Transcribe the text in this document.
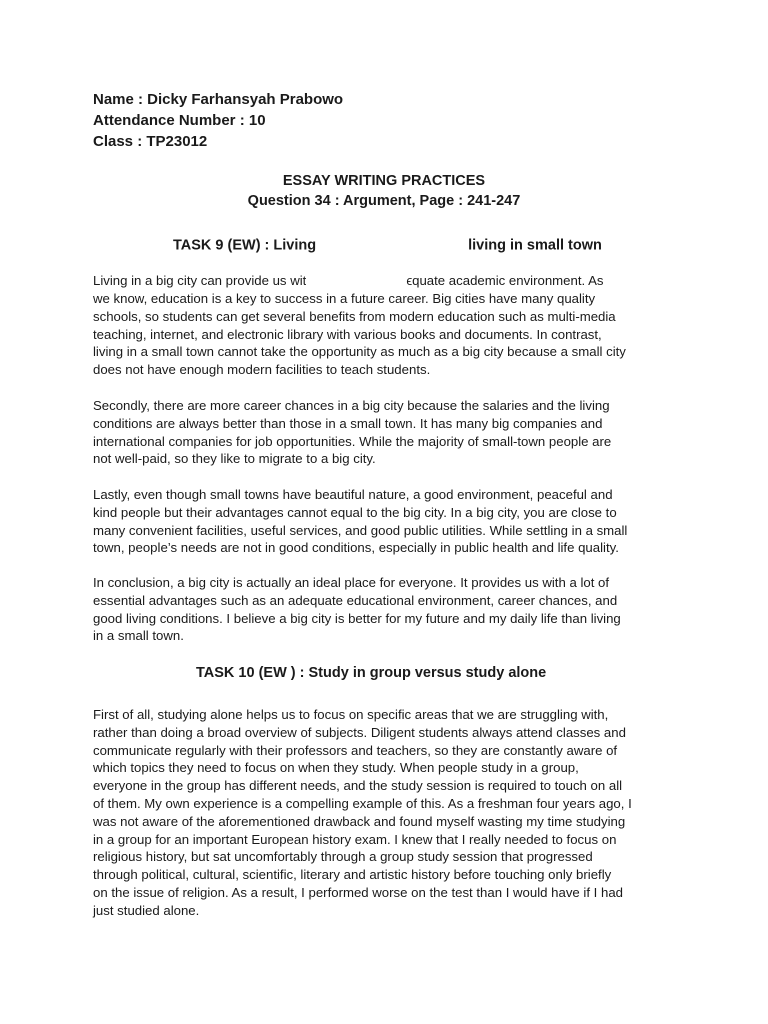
Name : Dicky Farhansyah Prabowo
Attendance Number : 10
Class : TP23012
ESSAY WRITING PRACTICES
Question 34 : Argument, Page : 241-247
TASK 9 (EW) : Living	living in small town
Living in a big city can provide us wit	ϵquate academic environment. As
we know, education is a key to success in a future career. Big cities have many quality
schools, so students can get several benefits from modern education such as multi-media
teaching, internet, and electronic library with various books and documents. In contrast,
living in a small town cannot take the opportunity as much as a big city because a small city
does not have enough modern facilities to teach students.
Secondly, there are more career chances in a big city because the salaries and the living
conditions are always better than those in a small town. It has many big companies and
international companies for job opportunities. While the majority of small-town people are
not well-paid, so they like to migrate to a big city.
Lastly, even though small towns have beautiful nature, a good environment, peaceful and
kind people but their advantages cannot equal to the big city. In a big city, you are close to
many convenient facilities, useful services, and good public utilities. While settling in a small
town, people’s needs are not in good conditions, especially in public health and life quality.
In conclusion, a big city is actually an ideal place for everyone. It provides us with a lot of
essential advantages such as an adequate educational environment, career chances, and
good living conditions. I believe a big city is better for my future and my daily life than living
in a small town.
TASK 10 (EW ) : Study in group versus study alone
First of all, studying alone helps us to focus on specific areas that we are struggling with,
rather than doing a broad overview of subjects. Diligent students always attend classes and
communicate regularly with their professors and teachers, so they are constantly aware of
which topics they need to focus on when they study. When people study in a group,
everyone in the group has different needs, and the study session is required to touch on all
of them. My own experience is a compelling example of this. As a freshman four years ago, I
was not aware of the aforementioned drawback and found myself wasting my time studying
in a group for an important European history exam. I knew that I really needed to focus on
religious history, but sat uncomfortably through a group study session that progressed
through political, cultural, scientific, literary and artistic history before touching only briefly
on the issue of religion. As a result, I performed worse on the test than I would have if I had
just studied alone.
